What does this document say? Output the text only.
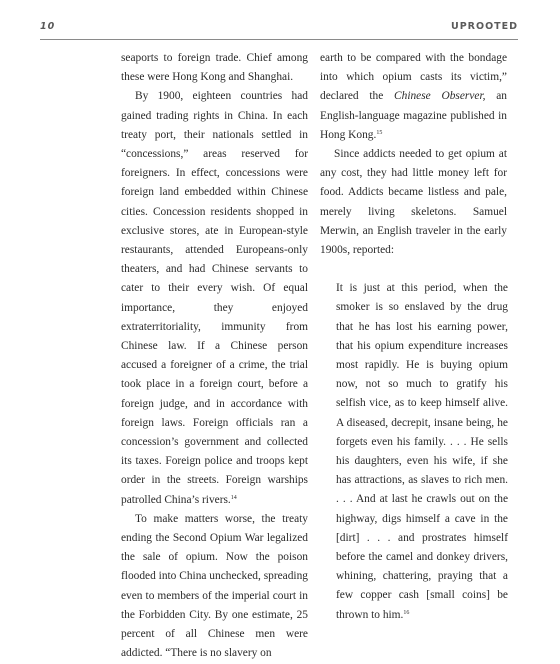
10	UPROOTED

seaports to foreign trade. Chief among these were Hong Kong and Shanghai.

By 1900, eighteen countries had gained trading rights in China. In each treaty port, their nationals settled in “concessions,” areas reserved for foreigners. In effect, concessions were foreign land embedded within Chinese cities. Concession residents shopped in exclusive stores, ate in European-style restaurants, attended Europeans-only theaters, and had Chinese servants to cater to their every wish. Of equal importance, they enjoyed extraterritoriality, immunity from Chinese law. If a Chinese person accused a foreigner of a crime, the trial took place in a foreign court, before a foreign judge, and in accordance with foreign laws. Foreign officials ran a concession’s government and collected its taxes. Foreign police and troops kept order in the streets. Foreign warships patrolled China’s rivers.$^{14}$

To make matters worse, the treaty ending the Second Opium War legalized the sale of opium. Now the poison flooded into China unchecked, spreading even to members of the imperial court in the Forbidden City. By one estimate, 25 percent of all Chinese men were addicted. “There is no slavery on

earth to be compared with the bondage into which opium casts its victim,” declared the Chinese Observer, an English-language magazine published in Hong Kong.$^{15}$

Since addicts needed to get opium at any cost, they had little money left for food. Addicts became listless and pale, merely living skeletons. Samuel Merwin, an English traveler in the early 1900s, reported:

It is just at this period, when the smoker is so enslaved by the drug that he has lost his earning power, that his opium expenditure increases most rapidly. He is buying opium now, not so much to gratify his selfish vice, as to keep himself alive. A diseased, decrepit, insane being, he forgets even his family. . . . He sells his daughters, even his wife, if she has attractions, as slaves to rich men. . . . And at last he crawls out on the highway, digs himself a cave in the [dirt] . . . and prostrates himself before the camel and donkey drivers, whining, chattering, praying that a few copper cash [small coins] be thrown to him.$^{16}$
